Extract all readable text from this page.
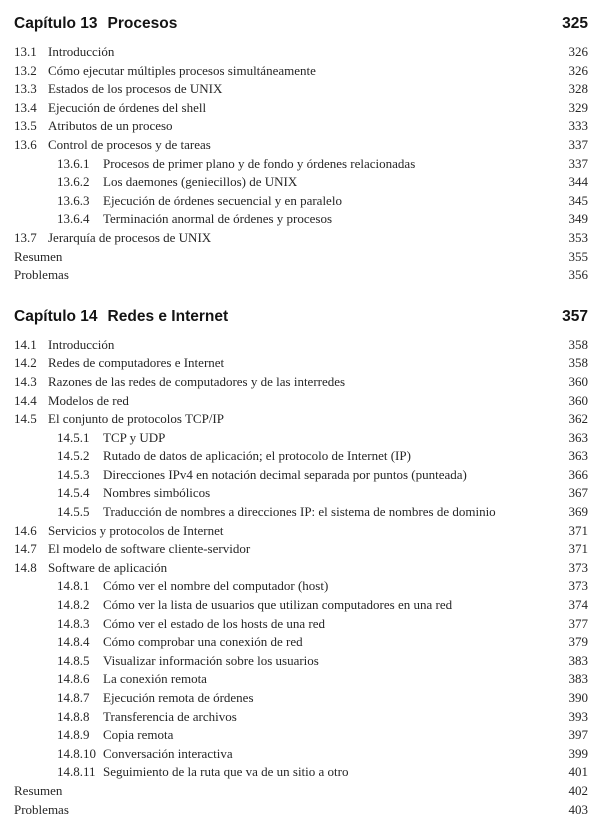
Capítulo 13 Procesos	325
13.1 Introducción	326
13.2 Cómo ejecutar múltiples procesos simultáneamente	326
13.3 Estados de los procesos de UNIX	328
13.4 Ejecución de órdenes del shell	329
13.5 Atributos de un proceso	333
13.6 Control de procesos y de tareas	337
13.6.1	Procesos de primer plano y de fondo y órdenes relacionadas	337
13.6.2	Los daemones (geniecillos) de UNIX	344
13.6.3	Ejecución de órdenes secuencial y en paralelo	345
13.6.4	Terminación anormal de órdenes y procesos	349
13.7 Jerarquía de procesos de UNIX	353
Resumen	355
Problemas	356
Capítulo 14 Redes e Internet	357
14.1 Introducción	358
14.2 Redes de computadores e Internet	358
14.3 Razones de las redes de computadores y de las interredes	360
14.4 Modelos de red	360
14.5 El conjunto de protocolos TCP/IP	362
14.5.1	TCP y UDP	363
14.5.2	Rutado de datos de aplicación; el protocolo de Internet (IP)	363
14.5.3	Direcciones IPv4 en notación decimal separada por puntos (punteada)	366
14.5.4	Nombres simbólicos	367
14.5.5	Traducción de nombres a direcciones IP: el sistema de nombres de dominio	369
14.6 Servicios y protocolos de Internet	371
14.7 El modelo de software cliente-servidor	371
14.8 Software de aplicación	373
14.8.1	Cómo ver el nombre del computador (host)	373
14.8.2	Cómo ver la lista de usuarios que utilizan computadores en una red	374
14.8.3	Cómo ver el estado de los hosts de una red	377
14.8.4	Cómo comprobar una conexión de red	379
14.8.5	Visualizar información sobre los usuarios	383
14.8.6	La conexión remota	383
14.8.7	Ejecución remota de órdenes	390
14.8.8	Transferencia de archivos	393
14.8.9	Copia remota	397
14.8.10 Conversación interactiva	399
14.8.11 Seguimiento de la ruta que va de un sitio a otro	401
Resumen	402
Problemas	403
